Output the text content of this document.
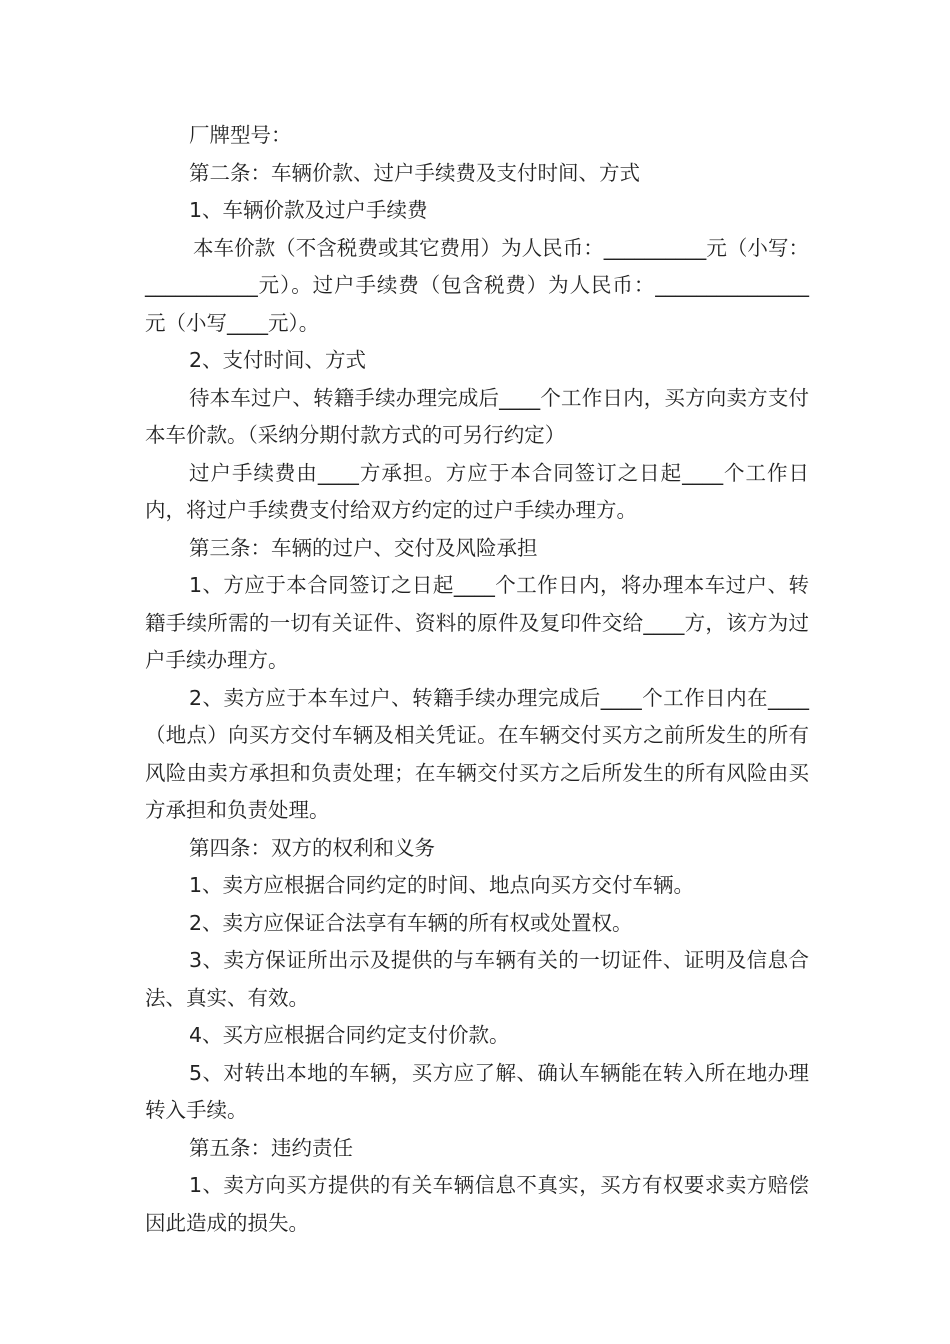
厂牌型号：

第二条：车辆价款、过户手续费及支付时间、方式

1、车辆价款及过户手续费

本车价款（不含税费或其它费用）为人民币：__________元（小写：___________元）。过户手续费（包含税费）为人民币：_______________元（小写____元）。

2、支付时间、方式

待本车过户、转籍手续办理完成后____个工作日内，买方向卖方支付本车价款。（采纳分期付款方式的可另行约定）

过户手续费由____方承担。方应于本合同签订之日起____个工作日内，将过户手续费支付给双方约定的过户手续办理方。

第三条：车辆的过户、交付及风险承担

1、方应于本合同签订之日起____个工作日内，将办理本车过户、转籍手续所需的一切有关证件、资料的原件及复印件交给____方，该方为过户手续办理方。

2、卖方应于本车过户、转籍手续办理完成后____个工作日内在____（地点）向买方交付车辆及相关凭证。在车辆交付买方之前所发生的所有风险由卖方承担和负责处理；在车辆交付买方之后所发生的所有风险由买方承担和负责处理。

第四条：双方的权利和义务

1、卖方应根据合同约定的时间、地点向买方交付车辆。

2、卖方应保证合法享有车辆的所有权或处置权。

3、卖方保证所出示及提供的与车辆有关的一切证件、证明及信息合法、真实、有效。

4、买方应根据合同约定支付价款。

5、对转出本地的车辆，买方应了解、确认车辆能在转入所在地办理转入手续。

第五条：违约责任

1、卖方向买方提供的有关车辆信息不真实，买方有权要求卖方赔偿因此造成的损失。
